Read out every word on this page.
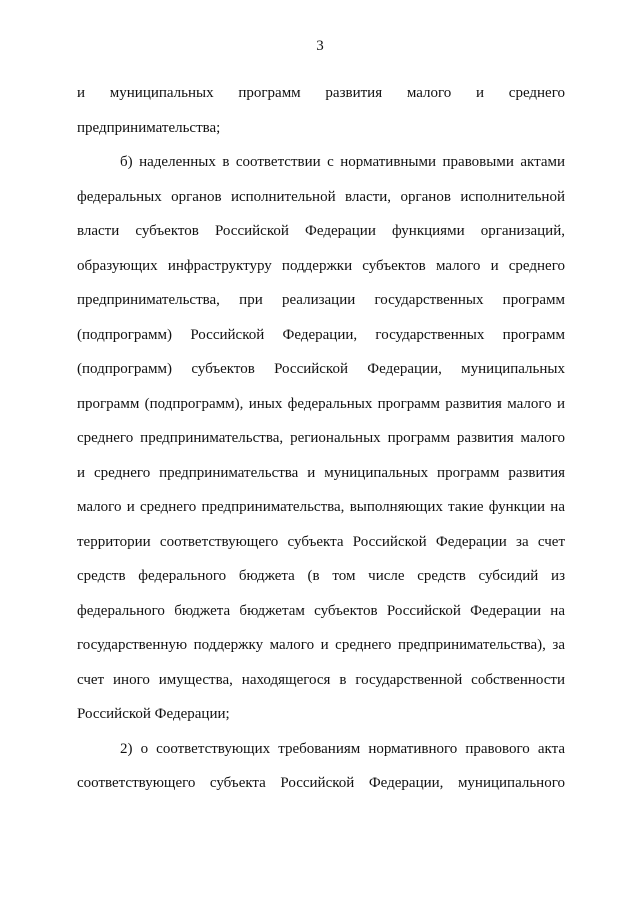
3
и муниципальных программ развития малого и среднего
предпринимательства;
б) наделенных в соответствии с нормативными правовыми актами
федеральных органов исполнительной власти, органов исполнительной
власти субъектов Российской Федерации функциями организаций,
образующих инфраструктуру поддержки субъектов малого и среднего
предпринимательства, при реализации государственных программ
(подпрограмм) Российской Федерации, государственных программ
(подпрограмм) субъектов Российской Федерации, муниципальных
программ (подпрограмм), иных федеральных программ развития малого и
среднего предпринимательства, региональных программ развития малого
и среднего предпринимательства и муниципальных программ развития
малого и среднего предпринимательства, выполняющих такие функции на
территории соответствующего субъекта Российской Федерации за счет
средств федерального бюджета (в том числе средств субсидий из
федерального бюджета бюджетам субъектов Российской Федерации на
государственную поддержку малого и среднего предпринимательства), за
счет иного имущества, находящегося в государственной собственности
Российской Федерации;
2) о соответствующих требованиям нормативного правового акта
соответствующего субъекта Российской Федерации, муниципального
